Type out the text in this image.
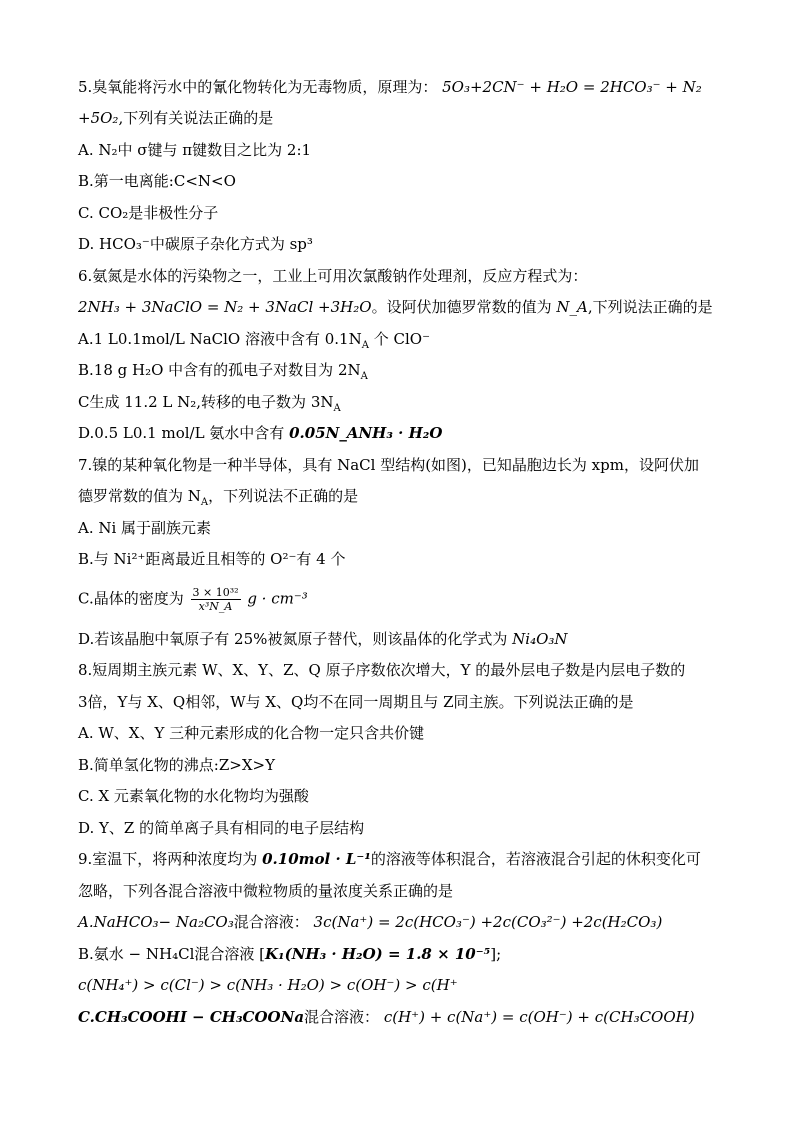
5.臭氧能将污水中的氰化物转化为无毒物质，原理为： 5O₃+2CN⁻ + H₂O = 2HCO₃⁻ + N₂
+5O₂,下列有关说法正确的是
A. N₂中 σ键与 π键数目之比为 2:1
B.第一电离能:C<N<O
C. CO₂是非极性分子
D. HCO₃⁻中碳原子杂化方式为 sp³
6.氨氮是水体的污染物之一，工业上可用次氯酸钠作处理剂，反应方程式为：
2NH₃ + 3NaClO = N₂ + 3NaCl +3H₂O。设阿伏加德罗常数的值为 N_A,下列说法正确的是
A.1 L0.1mol/L NaClO 溶液中含有 $0.1N_A$ 个 ClO⁻
B.18 g H₂O 中含有的孤电子对数目为 $2N_A$
C生成 11.2 L N₂,转移的电子数为 $3N_A$
D.0.5 L0.1 mol/L 氨水中含有 0.05N_ANH₃ · H₂O
7.镍的某种氧化物是一种半导体，具有 NaCl 型结构(如图)，已知晶胞边长为 xpm，设阿伏加
德罗常数的值为 $N_A$，下列说法不正确的是
A. Ni 属于副族元素
B.与 Ni²⁺距离最近且相等的 O²⁻有 4 个
C.晶体的密度为 $\frac{\text{3 × 10³²}}{\text{x³N\_A}}$ g · cm⁻³
D.若该晶胞中氧原子有 25%被氮原子替代，则该晶体的化学式为 Ni₄O₃N
8.短周期主族元素 W、X、Y、Z、Q 原子序数依次增大，Y 的最外层电子数是内层电子数的
3倍，Y与 X、Q相邻，W与 X、Q均不在同一周期且与 Z同主族。下列说法正确的是
A. W、X、Y 三种元素形成的化合物一定只含共价键
B.简单氢化物的沸点:Z>X>Y
C. X 元素氧化物的水化物均为强酸
D. Y、Z 的简单离子具有相同的电子层结构
9.室温下，将两种浓度均为 0.10mol · L⁻¹的溶液等体积混合，若溶液混合引起的休积变化可
忽略，下列各混合溶液中微粒物质的量浓度关系正确的是
A.NaHCO₃− Na₂CO₃混合溶液： 3c(Na⁺) = 2c(HCO₃⁻) +2c(CO₃²⁻) +2c(H₂CO₃)
B.氨水 − NH₄Cl混合溶液 [K₁(NH₃ · H₂O) = 1.8 × 10⁻⁵];
c(NH₄⁺) > c(Cl⁻) > c(NH₃ · H₂O) > c(OH⁻) > c(H⁺
C.CH₃COOHI − CH₃COONa混合溶液： c(H⁺) + c(Na⁺) = c(OH⁻) + c(CH₃COOH)
